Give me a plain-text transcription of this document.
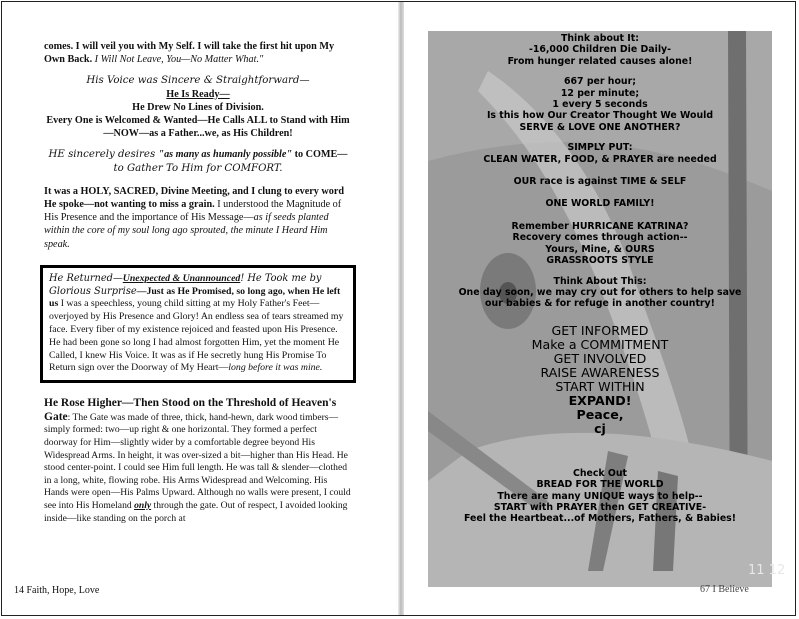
comes. I will veil you with My Self. I will take the first hit upon My Own Back. I Will Not Leave, You—No Matter What."

His Voice was Sincere & Straightforward—
He Is Ready—
He Drew No Lines of Division.
Every One is Welcomed & Wanted—He Calls ALL to Stand with Him—NOW—as a Father...we, as His Children!
HE sincerely desires "as many as humanly possible" to COME—to Gather To Him for COMFORT.

It was a HOLY, SACRED, Divine Meeting, and I clung to every word He spoke—not wanting to miss a grain. I understood the Magnitude of His Presence and the importance of His Message—as if seeds planted within the core of my soul long ago sprouted, the minute I Heard Him speak.

He Returned—Unexpected & Unannounced! He Took me by Glorious Surprise—Just as He Promised, so long ago, when He left us I was a speechless, young child sitting at my Holy Father's Feet—overjoyed by His Presence and Glory! An endless sea of tears streamed my face. Every fiber of my existence rejoiced and feasted upon His Presence. He had been gone so long I had almost forgotten Him, yet the moment He Called, I knew His Voice. It was as if He secretly hung His Promise To Return sign over the Doorway of My Heart—long before it was mine.

He Rose Higher—Then Stood on the Threshold of Heaven's Gate: The Gate was made of three, thick, hand-hewn, dark wood timbers—simply formed: two—up right & one horizontal. They formed a perfect doorway for Him—slightly wider by a comfortable degree beyond His Widespread Arms. In height, it was over-sized a bit—higher than His Head. He stood center-point. I could see Him full length. He was tall & slender—clothed in a long, white, flowing robe. His Arms Widespread and Welcoming. His Hands were open—His Palms Upward. Although no walls were present, I could see into His Homeland only through the gate. Out of respect, I avoided looking inside—like standing on the porch at

14 Faith, Hope, Love
Think about It:
-16,000 Children Die Daily-
From hunger related causes alone!
667 per hour;
12 per minute;
1 every 5 seconds
Is this how Our Creator Thought We Would
SERVE & LOVE ONE ANOTHER?
SIMPLY PUT:
CLEAN WATER, FOOD, & PRAYER are needed
OUR race is against TIME & SELF
ONE WORLD FAMILY!
Remember HURRICANE KATRINA?
Recovery comes through action--
Yours, Mine, & OURS
GRASSROOTS STYLE
Think About This:
One day soon, we may cry out for others to help save
our babies & for refuge in another country!
GET INFORMED
Make a COMMITMENT
GET INVOLVED
RAISE AWARENESS
START WITHIN
EXPAND!
Peace,
cj
Check Out
BREAD FOR THE WORLD
There are many UNIQUE ways to help--
START with PRAYER then GET CREATIVE-
Feel the Heartbeat...of Mothers, Fathers, & Babies!
11 12
67 I Believe
